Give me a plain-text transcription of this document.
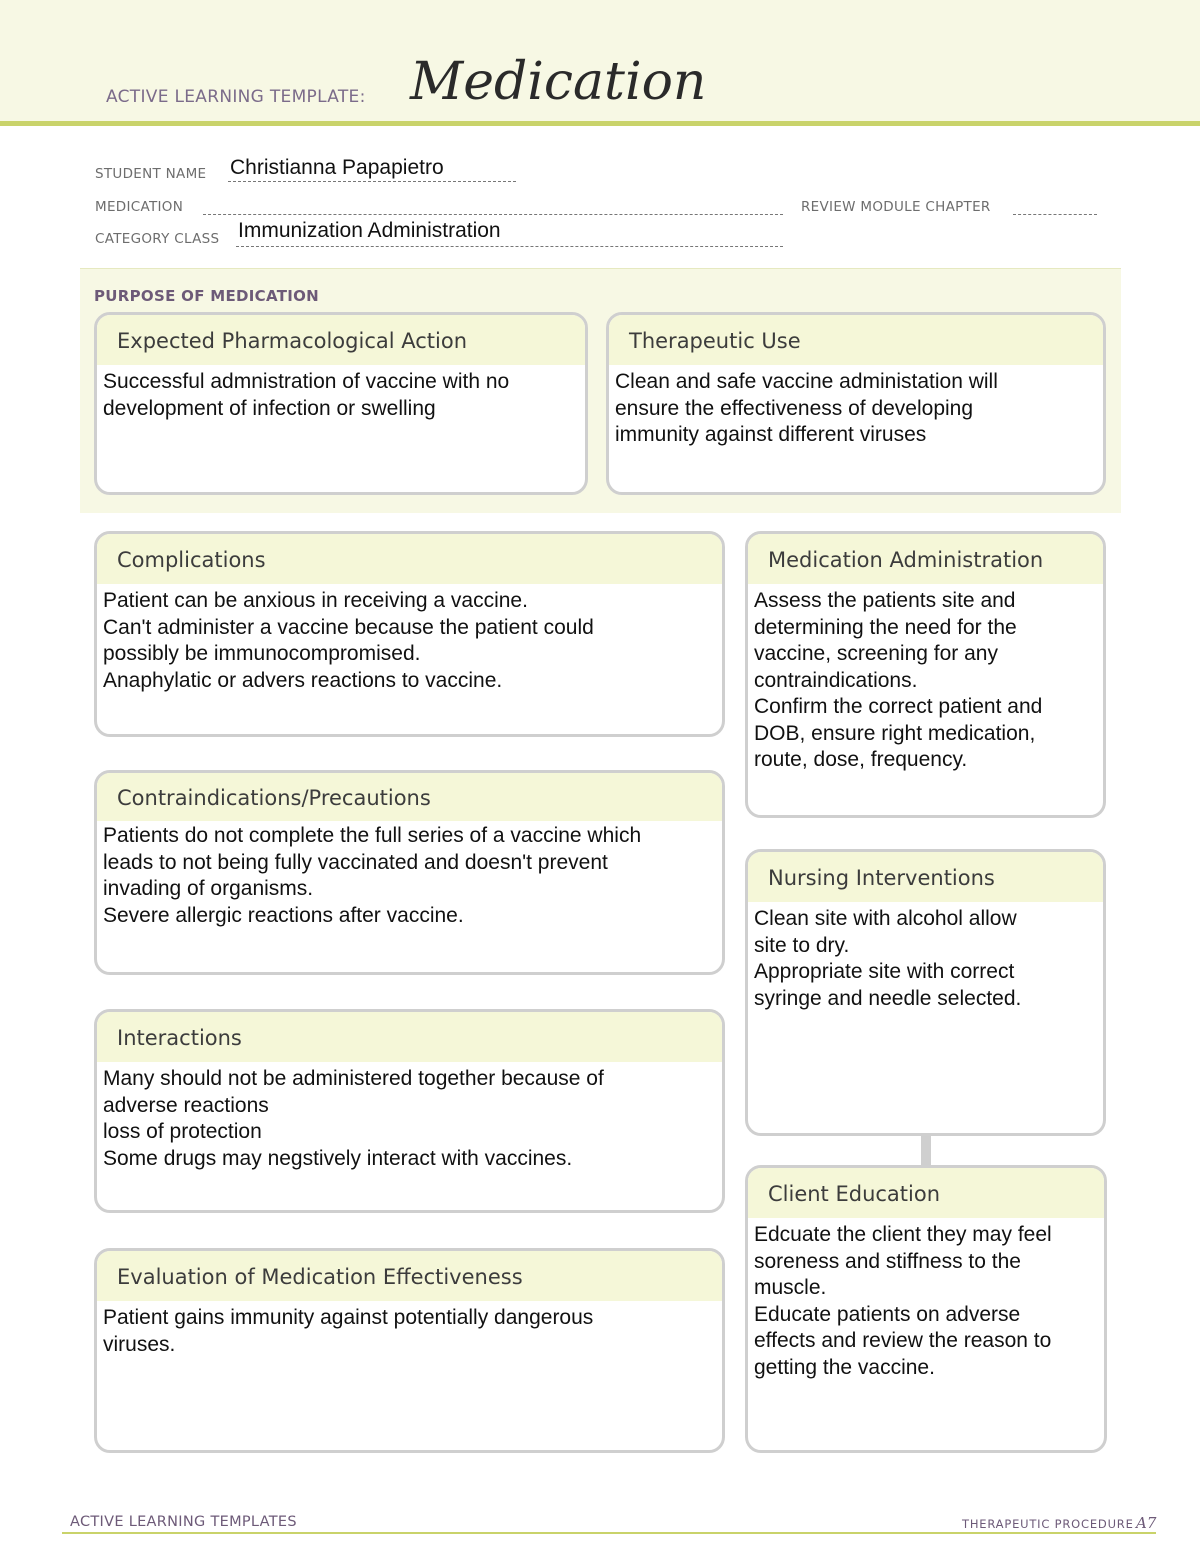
ACTIVE LEARNING TEMPLATE: Medication
STUDENT NAME Christianna Papapietro
MEDICATION	REVIEW MODULE CHAPTER
CATEGORY CLASS Immunization Administration
PURPOSE OF MEDICATION
Expected Pharmacological Action
Successful admnistration of vaccine with no
development of infection or swelling
Therapeutic Use
Clean and safe vaccine administation will
ensure the effectiveness of developing
immunity against different viruses
Complications
Patient can be anxious in receiving a vaccine.
Can't administer a vaccine because the patient could
possibly be immunocompromised.
Anaphylatic or advers reactions to vaccine.
Contraindications/Precautions
Patients do not complete the full series of a vaccine which
leads to not being fully vaccinated and doesn't prevent
invading of organisms.
Severe allergic reactions after vaccine.
Interactions
Many should not be administered together because of
adverse reactions
loss of protection
Some drugs may negstively interact with vaccines.
Evaluation of Medication Effectiveness
Patient gains immunity against potentially dangerous
viruses.
Medication Administration
Assess the patients site and
determining the need for the
vaccine, screening for any
contraindications.
Confirm the correct patient and
DOB, ensure right medication,
route, dose, frequency.
Nursing Interventions
Clean site with alcohol allow
site to dry.
Appropriate site with correct
syringe and needle selected.
Client Education
Edcuate the client they may feel
soreness and stiffness to the
muscle.
Educate patients on adverse
effects and review the reason to
getting the vaccine.
ACTIVE LEARNING TEMPLATES	THERAPEUTIC PROCEDURE A7
